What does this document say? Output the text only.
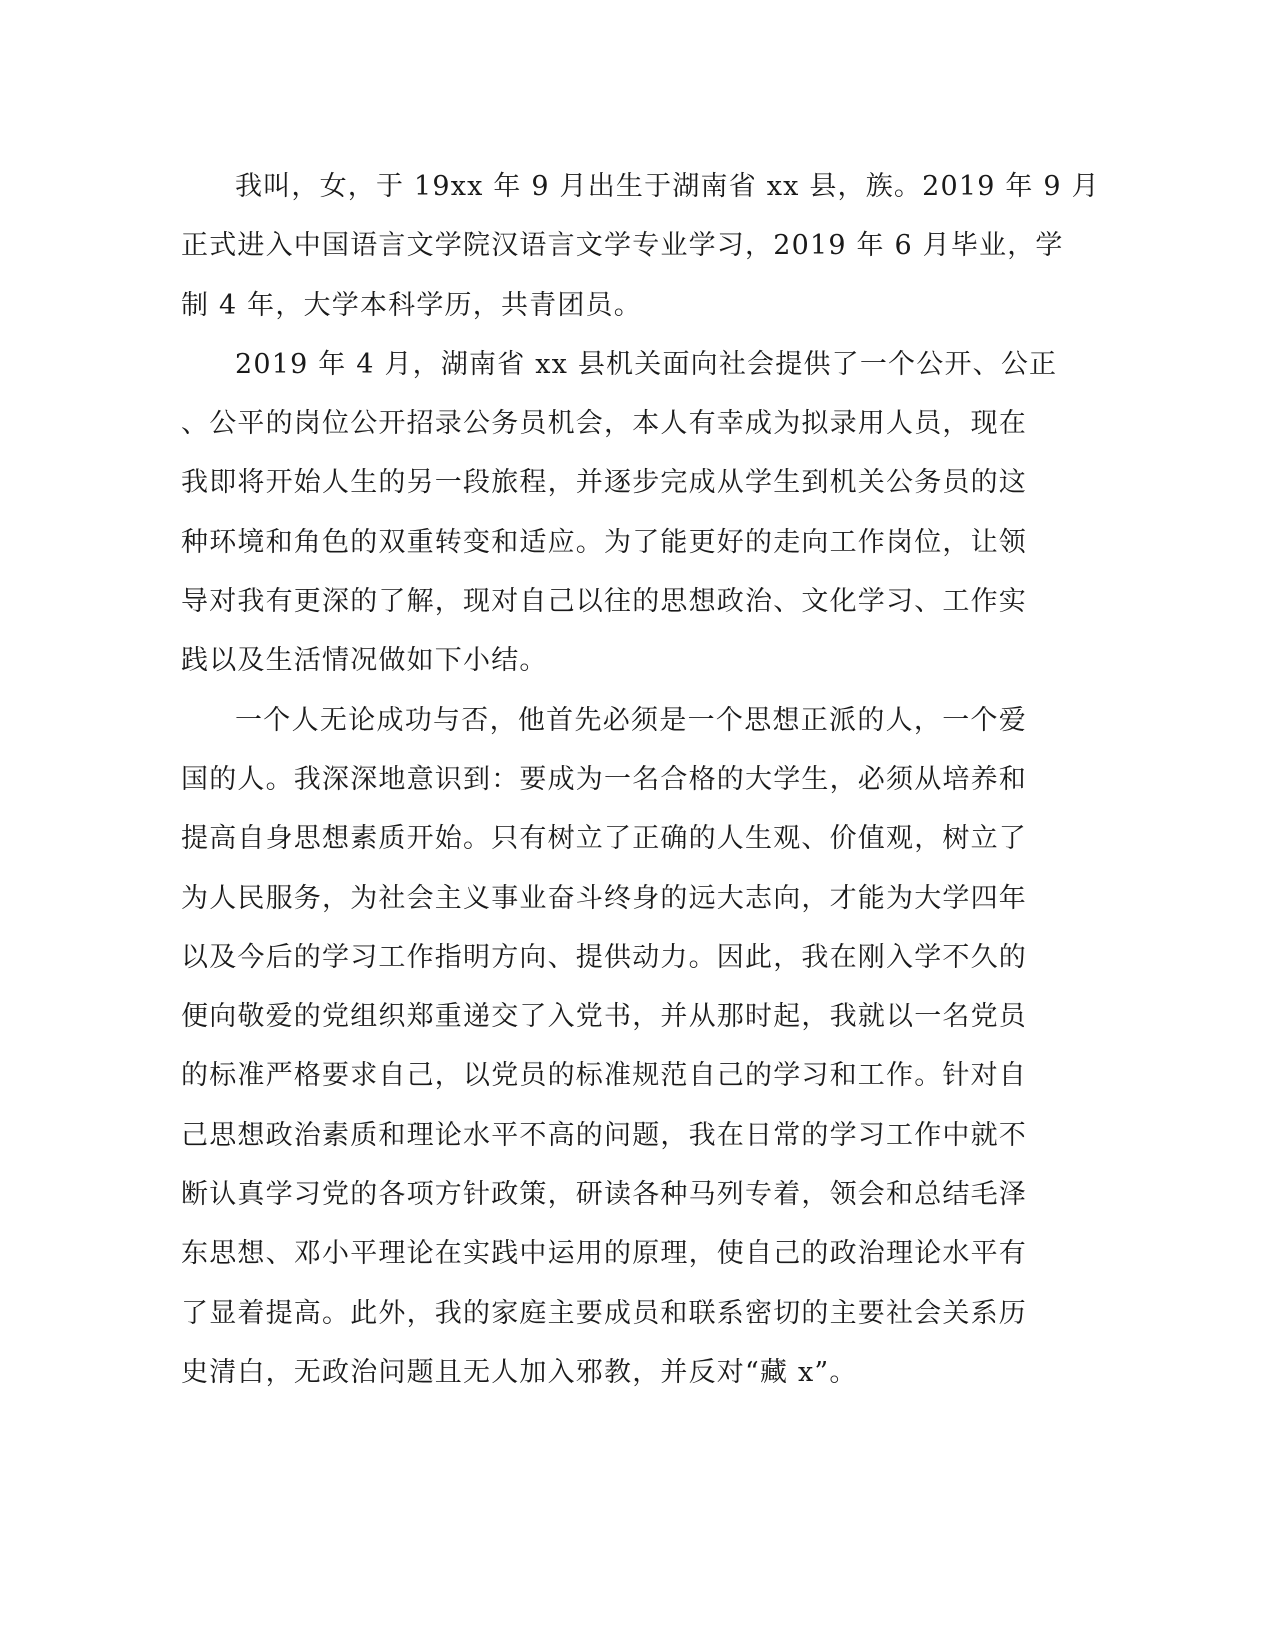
我叫，女，于 19xx 年 9 月出生于湖南省 xx 县，族。2019 年 9 月
正式进入中国语言文学院汉语言文学专业学习，2019 年 6 月毕业，学
制 4 年，大学本科学历，共青团员。

2019 年 4 月，湖南省 xx 县机关面向社会提供了一个公开、公正
、公平的岗位公开招录公务员机会，本人有幸成为拟录用人员，现在
我即将开始人生的另一段旅程，并逐步完成从学生到机关公务员的这
种环境和角色的双重转变和适应。为了能更好的走向工作岗位，让领
导对我有更深的了解，现对自己以往的思想政治、文化学习、工作实
践以及生活情况做如下小结。

一个人无论成功与否，他首先必须是一个思想正派的人，一个爱
国的人。我深深地意识到：要成为一名合格的大学生，必须从培养和
提高自身思想素质开始。只有树立了正确的人生观、价值观，树立了
为人民服务，为社会主义事业奋斗终身的远大志向，才能为大学四年
以及今后的学习工作指明方向、提供动力。因此，我在刚入学不久的
便向敬爱的党组织郑重递交了入党书，并从那时起，我就以一名党员
的标准严格要求自己，以党员的标准规范自己的学习和工作。针对自
己思想政治素质和理论水平不高的问题，我在日常的学习工作中就不
断认真学习党的各项方针政策，研读各种马列专着，领会和总结毛泽
东思想、邓小平理论在实践中运用的原理，使自己的政治理论水平有
了显着提高。此外，我的家庭主要成员和联系密切的主要社会关系历
史清白，无政治问题且无人加入邪教，并反对“藏 x”。
